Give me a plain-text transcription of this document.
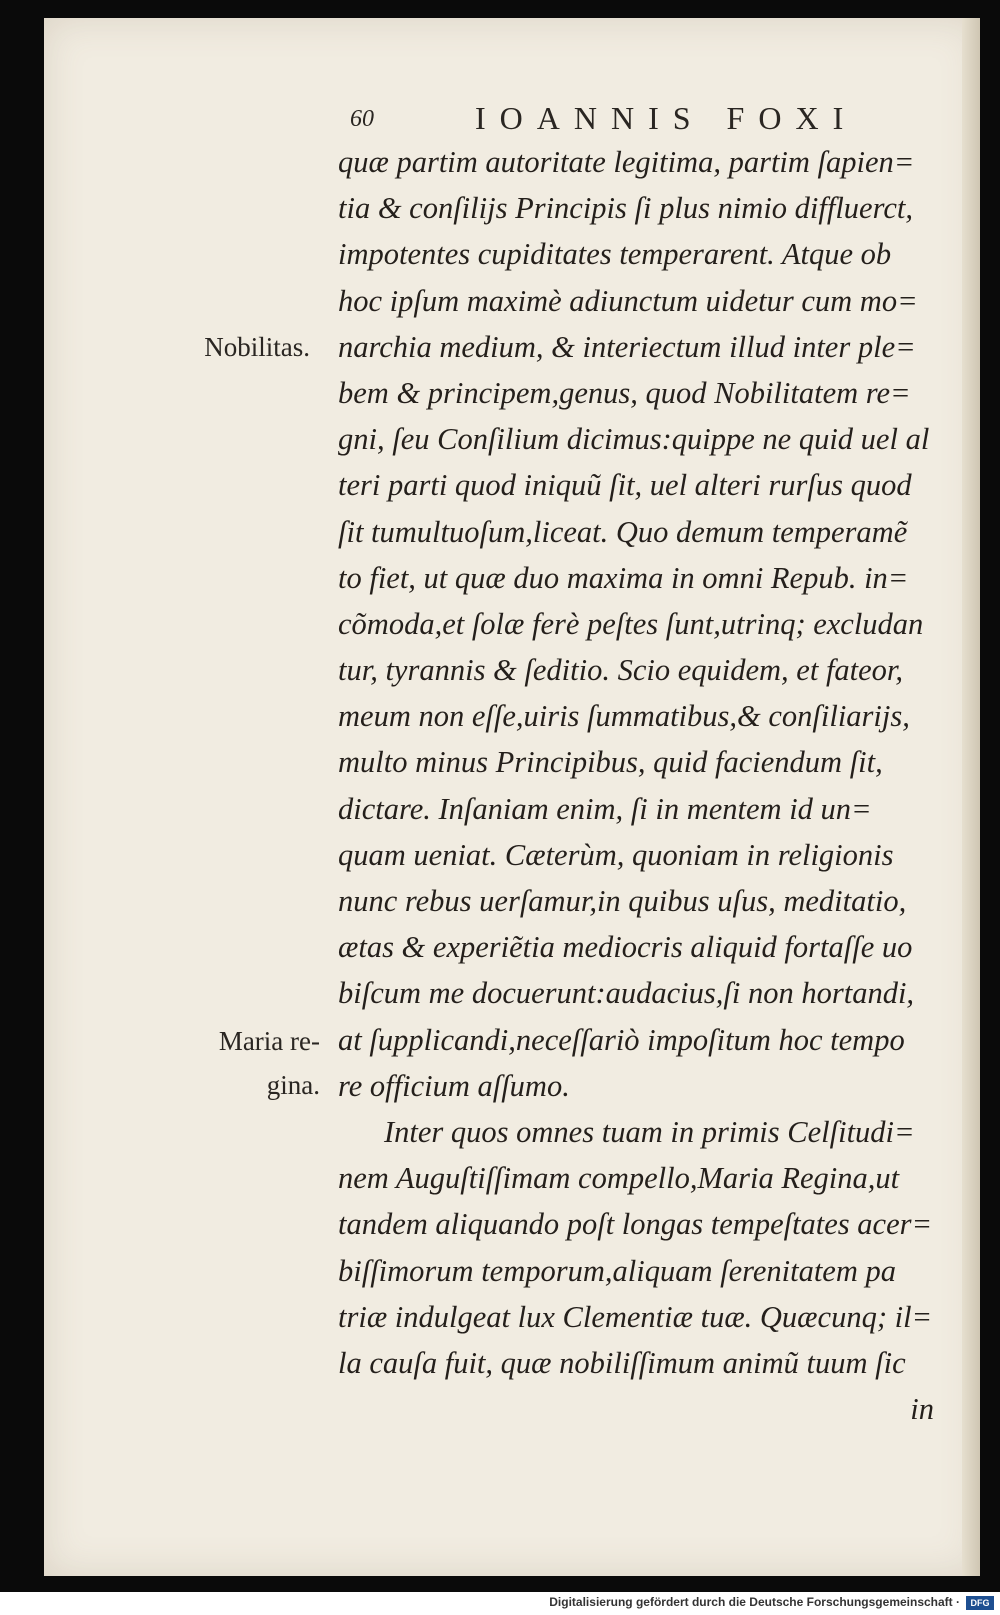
60	IOANNIS FOXI
Nobilitas.
Maria re-
gina.
quæ partim autoritate legitima, partim ſapien=
tia & conſilijs Principis ſi plus nimio diffluerct,
impotentes cupiditates temperarent. Atque ob
hoc ipſum maximè adiunctum uidetur cum mo=
narchia medium, & interiectum illud inter ple=
bem & principem,genus, quod Nobilitatem re=
gni, ſeu Conſilium dicimus:quippe ne quid uel al
teri parti quod iniquũ ſit, uel alteri rurſus quod
ſit tumultuoſum,liceat. Quo demum temperamẽ
to fiet, ut quæ duo maxima in omni Repub. in=
cõmoda,et ſolæ ferè peſtes ſunt,utrinq; excludan
tur, tyrannis & ſeditio. Scio equidem, et fateor,
meum non eſſe,uiris ſummatibus,& conſiliarijs,
multo minus Principibus, quid faciendum ſit,
dictare. Inſaniam enim, ſi in mentem id un=
quam ueniat. Cæterùm, quoniam in religionis
nunc rebus uerſamur,in quibus uſus, meditatio,
ætas & experiẽtia mediocris aliquid fortaſſe uo
biſcum me docuerunt:audacius,ſi non hortandi,
at ſupplicandi,neceſſariò impoſitum hoc tempo
re officium aſſumo.
Inter quos omnes tuam in primis Celſitudi=
nem Auguſtiſſimam compello,Maria Regina,ut
tandem aliquando poſt longas tempeſtates acer=
biſſimorum temporum,aliquam ſerenitatem pa
triæ indulgeat lux Clementiæ tuæ. Quæcunq; il=
la cauſa fuit, quæ nobiliſſimum animũ tuum ſic
in
Digitalisierung gefördert durch die Deutsche Forschungsgemeinschaft ·	DFG
